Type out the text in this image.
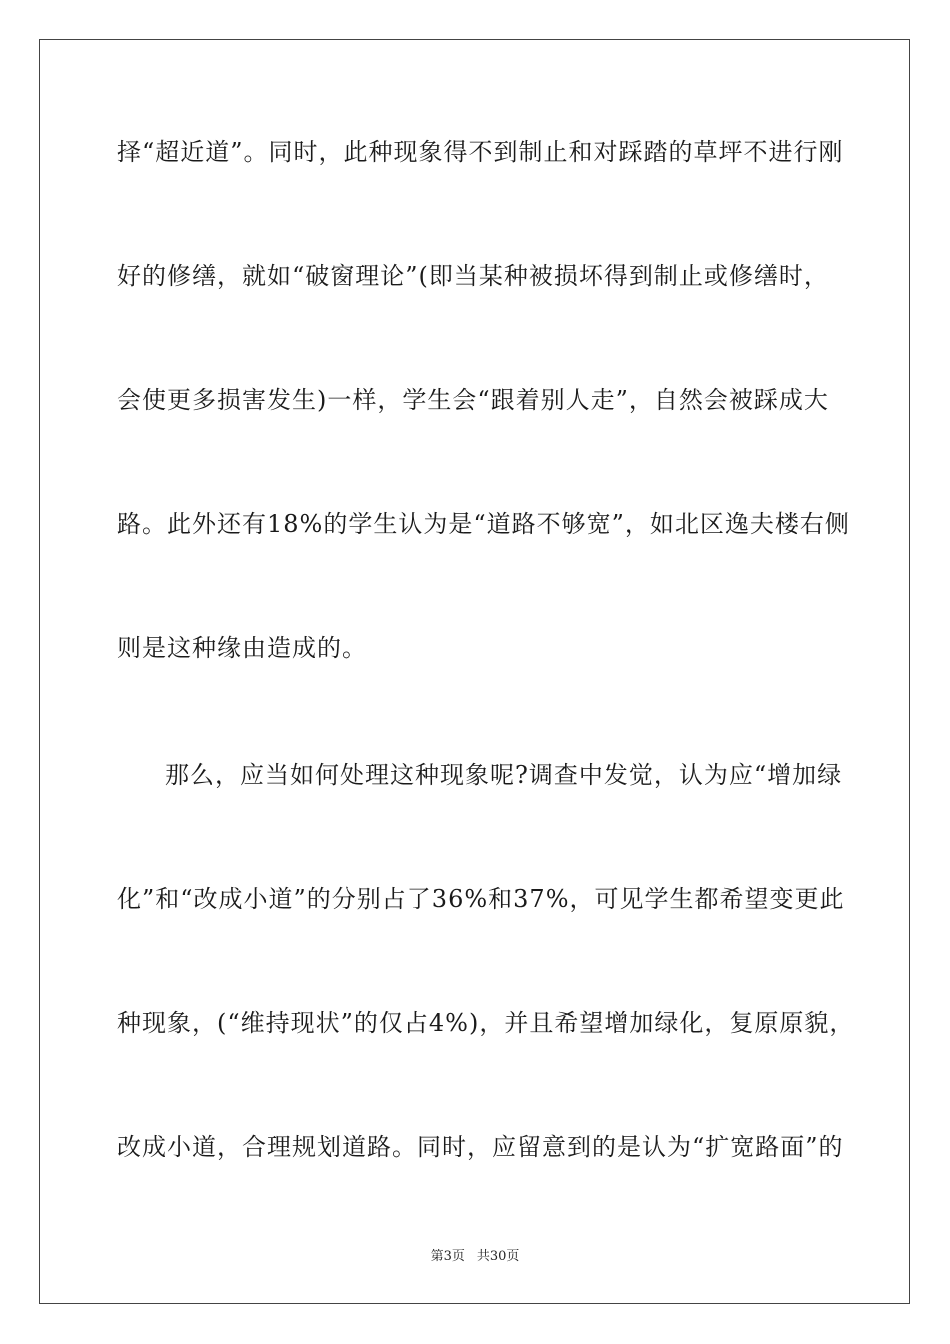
择“超近道”。同时，此种现象得不到制止和对踩踏的草坪不进行刚
好的修缮，就如“破窗理论”(即当某种被损坏得到制止或修缮时，
会使更多损害发生)一样，学生会“跟着别人走”，自然会被踩成大
路。此外还有18%的学生认为是“道路不够宽”，如北区逸夫楼右侧
则是这种缘由造成的。
那么，应当如何处理这种现象呢?调查中发觉，认为应“增加绿
化”和“改成小道”的分别占了36%和37%，可见学生都希望变更此
种现象，(“维持现状”的仅占4%)，并且希望增加绿化，复原原貌，
改成小道，合理规划道路。同时，应留意到的是认为“扩宽路面”的
第3页 共30页
